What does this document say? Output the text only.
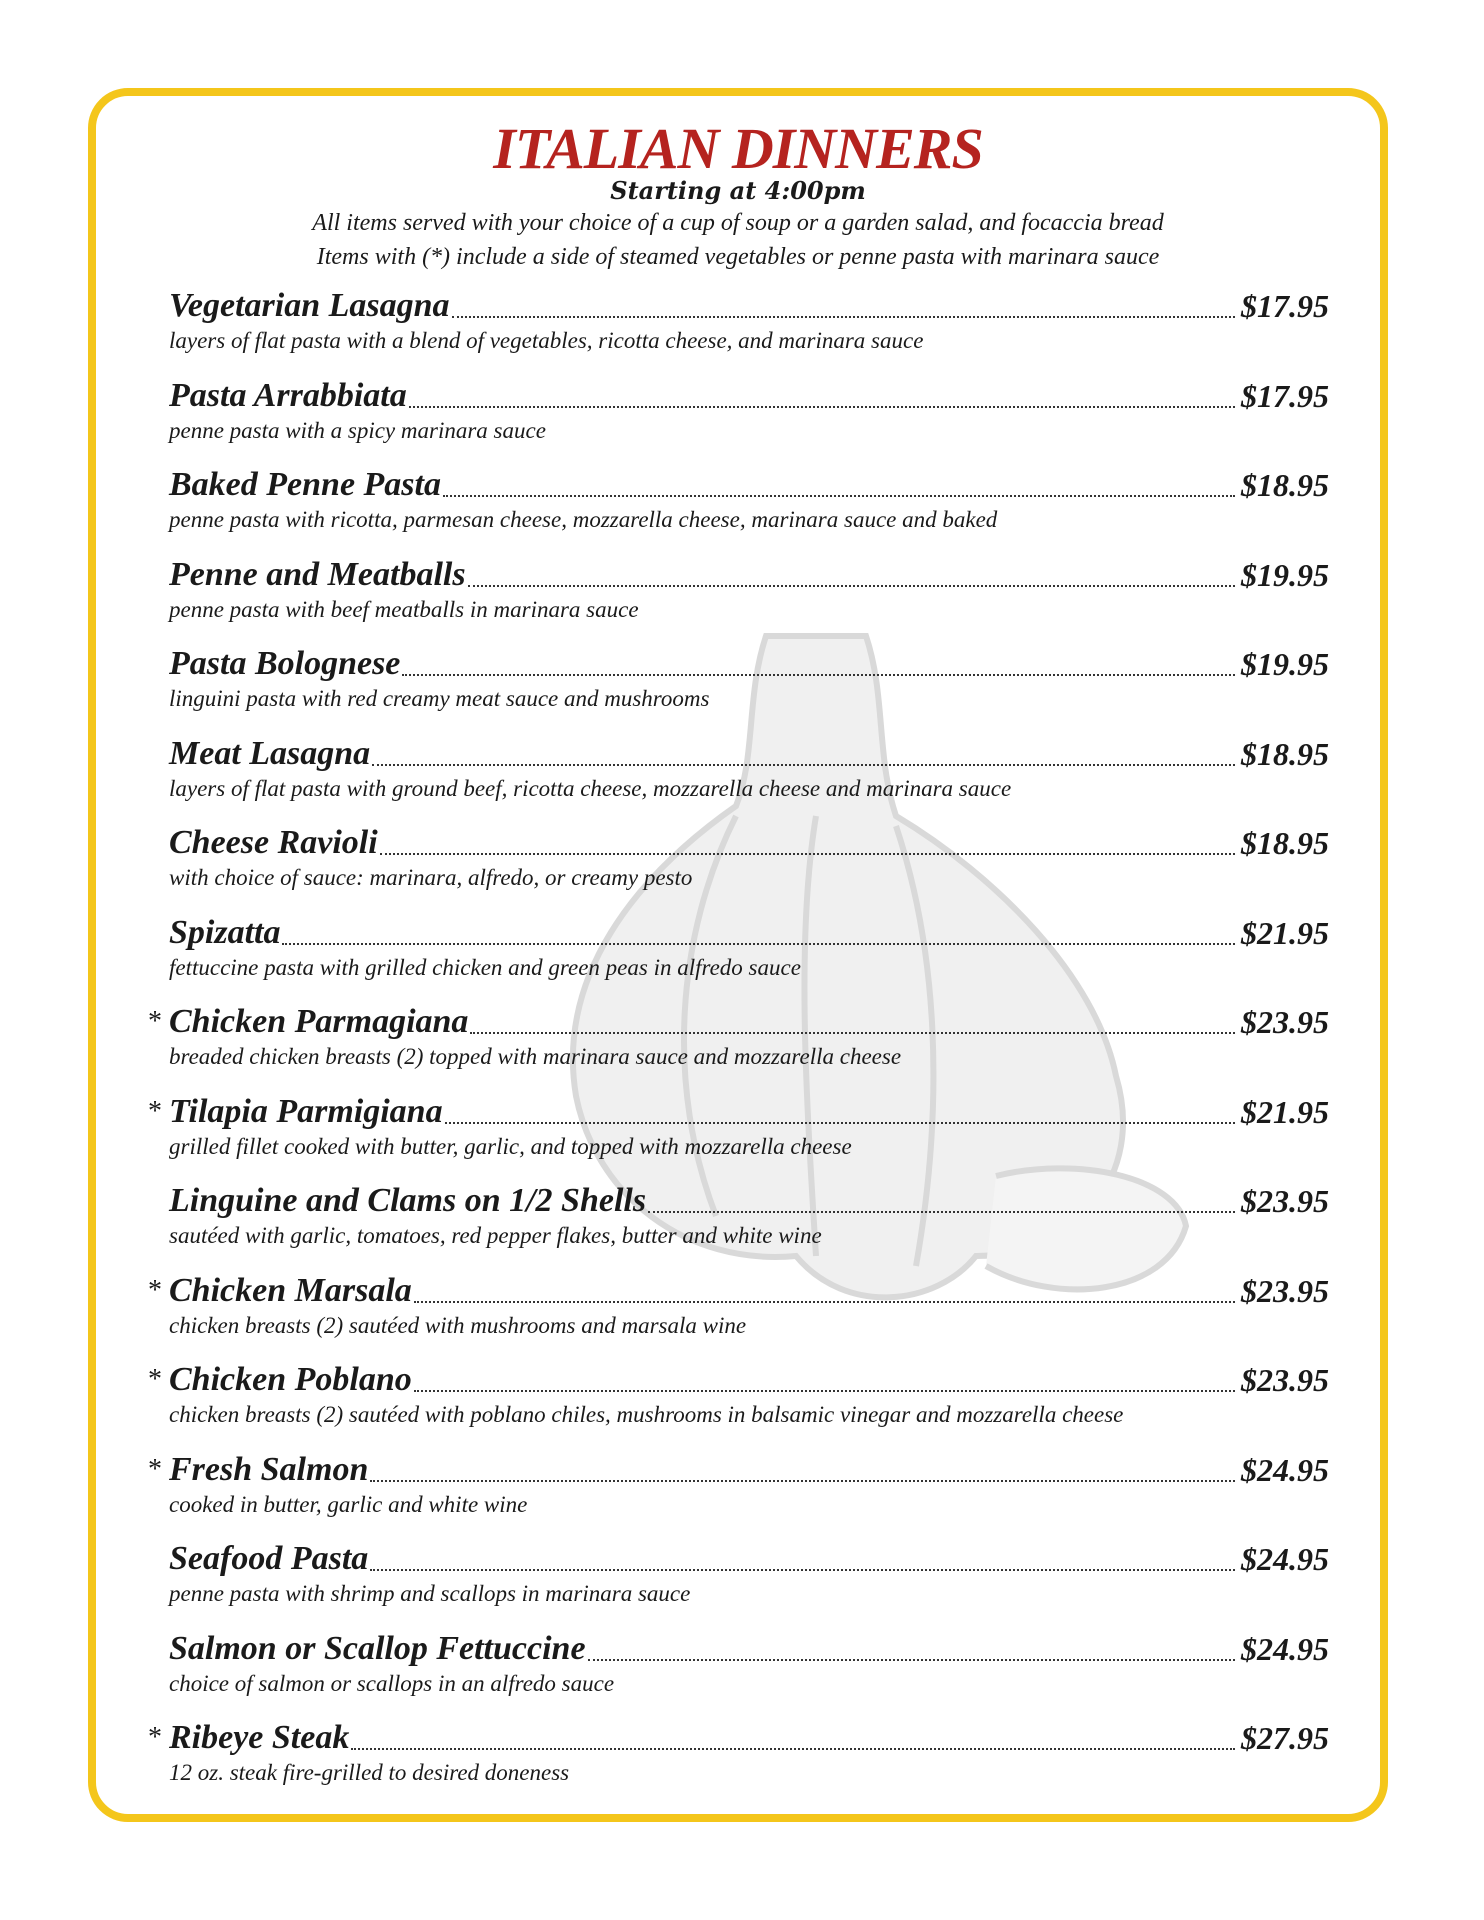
ITALIAN DINNERS
Starting at 4:00pm
All items served with your choice of a cup of soup or a garden salad, and focaccia bread
Items with (*) include a side of steamed vegetables or penne pasta with marinara sauce
Vegetarian Lasagna	$17.95
layers of flat pasta with a blend of vegetables, ricotta cheese, and marinara sauce
Pasta Arrabbiata	$17.95
penne pasta with a spicy marinara sauce
Baked Penne Pasta	$18.95
penne pasta with ricotta, parmesan cheese, mozzarella cheese, marinara sauce and baked
Penne and Meatballs	$19.95
penne pasta with beef meatballs in marinara sauce
Pasta Bolognese	$19.95
linguini pasta with red creamy meat sauce and mushrooms
Meat Lasagna	$18.95
layers of flat pasta with ground beef, ricotta cheese, mozzarella cheese and marinara sauce
Cheese Ravioli	$18.95
with choice of sauce: marinara, alfredo, or creamy pesto
Spizatta	$21.95
fettuccine pasta with grilled chicken and green peas in alfredo sauce
* Chicken Parmagiana	$23.95
breaded chicken breasts (2) topped with marinara sauce and mozzarella cheese
* Tilapia Parmigiana	$21.95
grilled fillet cooked with butter, garlic, and topped with mozzarella cheese
Linguine and Clams on 1/2 Shells	$23.95
sautéed with garlic, tomatoes, red pepper flakes, butter and white wine
* Chicken Marsala	$23.95
chicken breasts (2) sautéed with mushrooms and marsala wine
* Chicken Poblano	$23.95
chicken breasts (2) sautéed with poblano chiles, mushrooms in balsamic vinegar and mozzarella cheese
* Fresh Salmon	$24.95
cooked in butter, garlic and white wine
Seafood Pasta	$24.95
penne pasta with shrimp and scallops in marinara sauce
Salmon or Scallop Fettuccine	$24.95
choice of salmon or scallops in an alfredo sauce
* Ribeye Steak	$27.95
12 oz. steak fire-grilled to desired doneness
